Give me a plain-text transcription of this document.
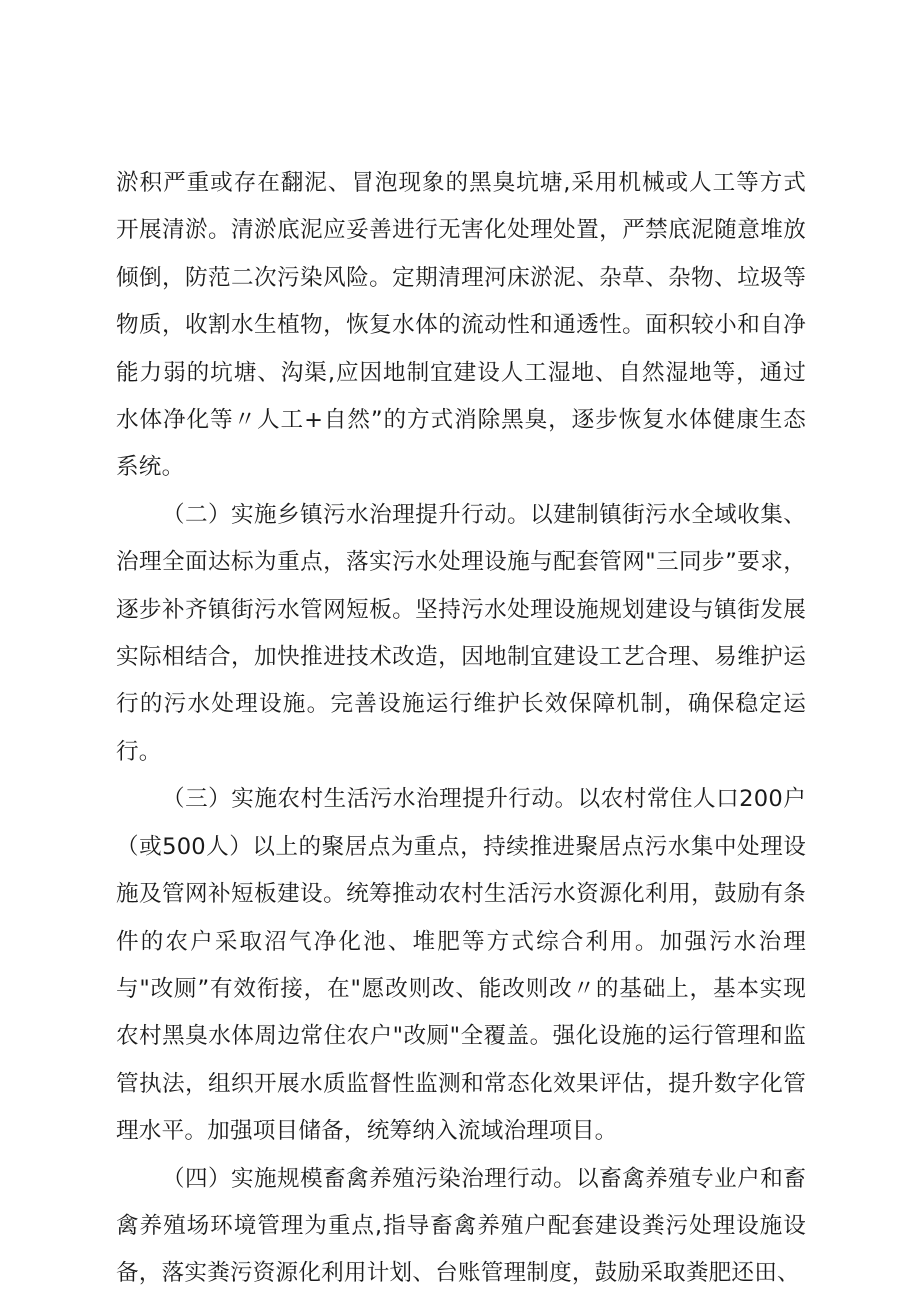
淤积严重或存在翻泥、冒泡现象的黑臭坑塘,采用机械或人工等方式开展清淤。清淤底泥应妥善进行无害化处理处置，严禁底泥随意堆放倾倒，防范二次污染风险。定期清理河床淤泥、杂草、杂物、垃圾等物质，收割水生植物，恢复水体的流动性和通透性。面积较小和自净能力弱的坑塘、沟渠,应因地制宜建设人工湿地、自然湿地等，通过水体净化等〃人工+自然”的方式消除黑臭，逐步恢复水体健康生态系统。

（二）实施乡镇污水治理提升行动。以建制镇街污水全域收集、治理全面达标为重点，落实污水处理设施与配套管网"三同步”要求，逐步补齐镇街污水管网短板。坚持污水处理设施规划建设与镇街发展实际相结合，加快推进技术改造，因地制宜建设工艺合理、易维护运行的污水处理设施。完善设施运行维护长效保障机制，确保稳定运行。

（三）实施农村生活污水治理提升行动。以农村常住人口200户（或500人）以上的聚居点为重点，持续推进聚居点污水集中处理设施及管网补短板建设。统筹推动农村生活污水资源化利用，鼓励有条件的农户采取沼气净化池、堆肥等方式综合利用。加强污水治理与"改厕”有效衔接，在"愿改则改、能改则改〃的基础上，基本实现农村黑臭水体周边常住农户"改厕"全覆盖。强化设施的运行管理和监管执法，组织开展水质监督性监测和常态化效果评估，提升数字化管理水平。加强项目储备，统筹纳入流域治理项目。

（四）实施规模畜禽养殖污染治理行动。以畜禽养殖专业户和畜禽养殖场环境管理为重点,指导畜禽养殖户配套建设粪污处理设施设备，落实粪污资源化利用计划、台账管理制度，鼓励采取粪肥还田、
